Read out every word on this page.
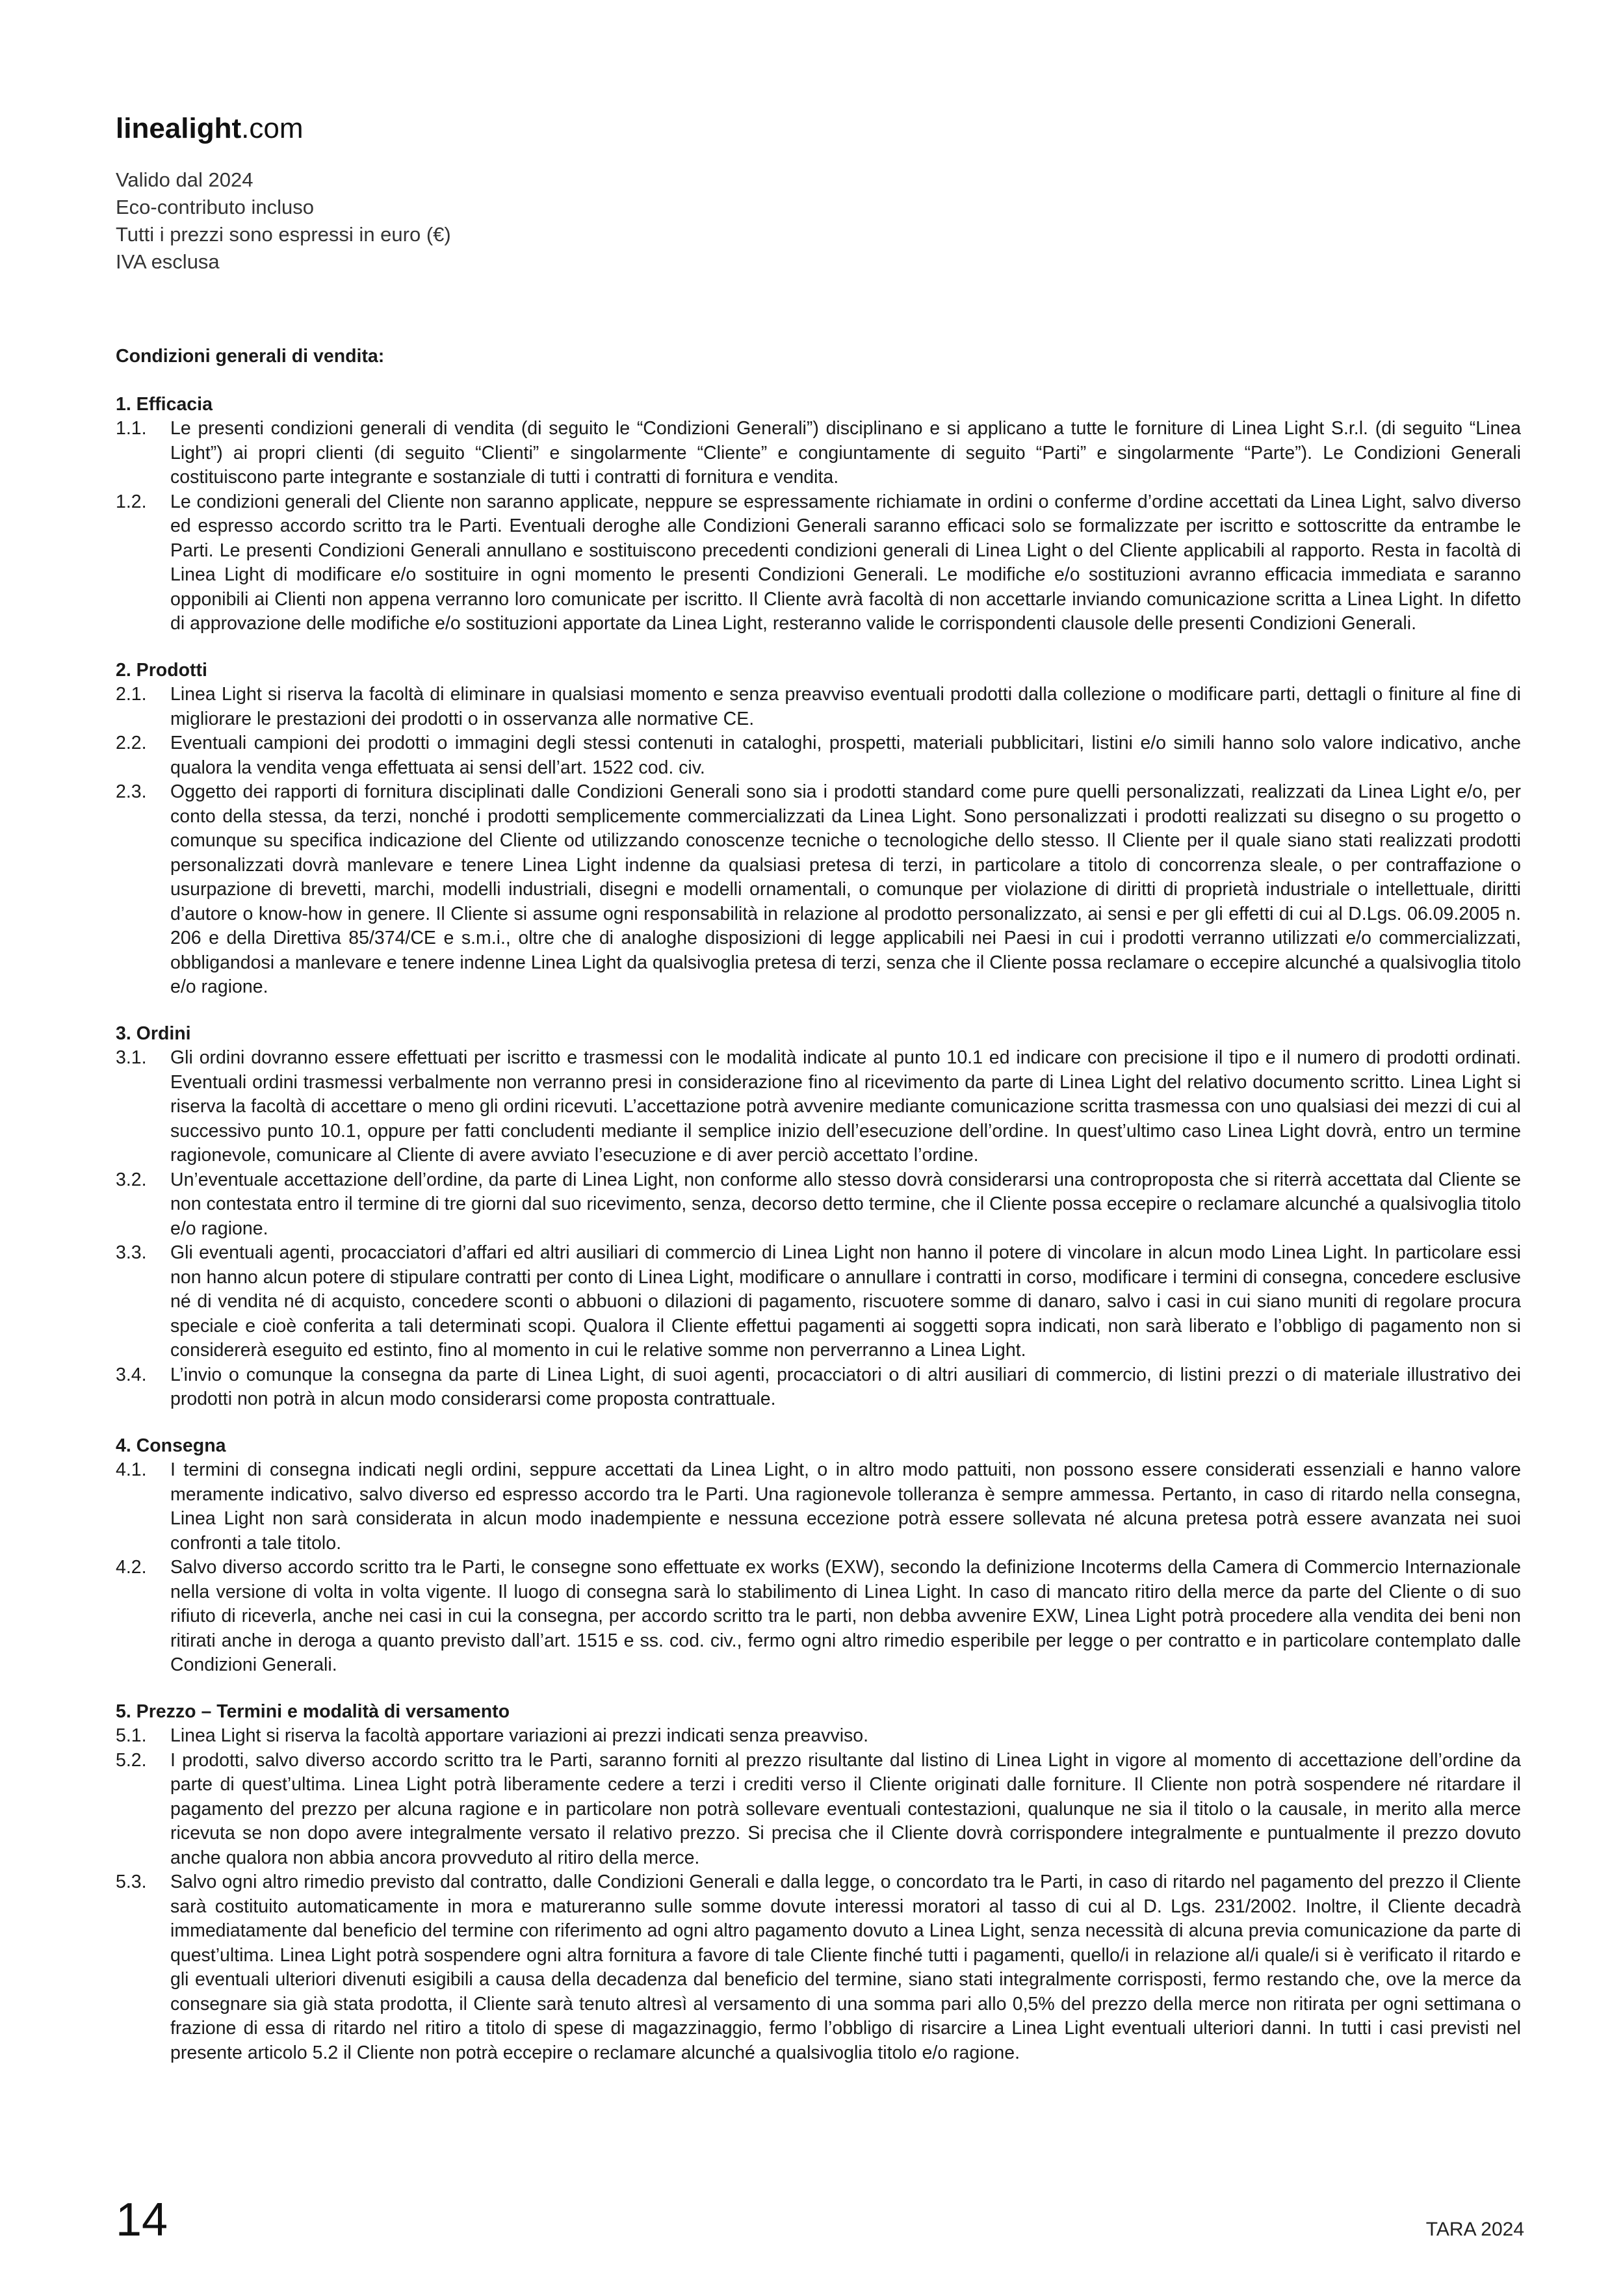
linealight.com
Valido dal 2024
Eco-contributo incluso
Tutti i prezzi sono espressi in euro (€)
IVA esclusa
Condizioni generali di vendita:
1. Efficacia
1.1.	Le presenti condizioni generali di vendita (di seguito le “Condizioni Generali”) disciplinano e si applicano a tutte le forniture di Linea Light S.r.l. (di seguito “Linea Light”) ai propri clienti (di seguito “Clienti” e singolarmente “Cliente” e congiuntamente di seguito “Parti” e singolarmente “Parte”). Le Condizioni Generali costituiscono parte integrante e sostanziale di tutti i contratti di fornitura e vendita.
1.2.	Le condizioni generali del Cliente non saranno applicate, neppure se espressamente richiamate in ordini o conferme d’ordine accettati da Linea Light, salvo diverso ed espresso accordo scritto tra le Parti. Eventuali deroghe alle Condizioni Generali saranno efficaci solo se formalizzate per iscritto e sottoscritte da entrambe le Parti. Le presenti Condizioni Generali annullano e sostituiscono precedenti condizioni generali di Linea Light o del Cliente applicabili al rapporto. Resta in facoltà di Linea Light di modificare e/o sostituire in ogni momento le presenti Condizioni Generali. Le modifiche e/o sostituzioni avranno efficacia immediata e saranno opponibili ai Clienti non appena verranno loro comunicate per iscritto. Il Cliente avrà facoltà di non accettarle inviando comunicazione scritta a Linea Light. In difetto di approvazione delle modifiche e/o sostituzioni apportate da Linea Light, resteranno valide le corrispondenti clausole delle presenti Condizioni Generali.
2. Prodotti
2.1.	Linea Light si riserva la facoltà di eliminare in qualsiasi momento e senza preavviso eventuali prodotti dalla collezione o modificare parti, dettagli o finiture al fine di migliorare le prestazioni dei prodotti o in osservanza alle normative CE.
2.2.	Eventuali campioni dei prodotti o immagini degli stessi contenuti in cataloghi, prospetti, materiali pubblicitari, listini e/o simili hanno solo valore indicativo, anche qualora la vendita venga effettuata ai sensi dell’art. 1522 cod. civ.
2.3.	Oggetto dei rapporti di fornitura disciplinati dalle Condizioni Generali sono sia i prodotti standard come pure quelli personalizzati, realizzati da Linea Light e/o, per conto della stessa, da terzi, nonché i prodotti semplicemente commercializzati da Linea Light. Sono personalizzati i prodotti realizzati su disegno o su progetto o comunque su specifica indicazione del Cliente od utilizzando conoscenze tecniche o tecnologiche dello stesso. Il Cliente per il quale siano stati realizzati prodotti personalizzati dovrà manlevare e tenere Linea Light indenne da qualsiasi pretesa di terzi, in particolare a titolo di concorrenza sleale, o per contraffazione o usurpazione di brevetti, marchi, modelli industriali, disegni e modelli ornamentali, o comunque per violazione di diritti di proprietà industriale o intellettuale, diritti d’autore o know-how in genere. Il Cliente si assume ogni responsabilità in relazione al prodotto personalizzato, ai sensi e per gli effetti di cui al D.Lgs. 06.09.2005 n. 206 e della Direttiva 85/374/CE e s.m.i., oltre che di analoghe disposizioni di legge applicabili nei Paesi in cui i prodotti verranno utilizzati e/o commercializzati, obbligandosi a manlevare e tenere indenne Linea Light da qualsivoglia pretesa di terzi, senza che il Cliente possa reclamare o eccepire alcunché a qualsivoglia titolo e/o ragione.
3. Ordini
3.1.	Gli ordini dovranno essere effettuati per iscritto e trasmessi con le modalità indicate al punto 10.1 ed indicare con precisione il tipo e il numero di prodotti ordinati. Eventuali ordini trasmessi verbalmente non verranno presi in considerazione fino al ricevimento da parte di Linea Light del relativo documento scritto. Linea Light si riserva la facoltà di accettare o meno gli ordini ricevuti. L’accettazione potrà avvenire mediante comunicazione scritta trasmessa con uno qualsiasi dei mezzi di cui al successivo punto 10.1, oppure per fatti concludenti mediante il semplice inizio dell’esecuzione dell’ordine. In quest’ultimo caso Linea Light dovrà, entro un termine ragionevole, comunicare al Cliente di avere avviato l’esecuzione e di aver perciò accettato l’ordine.
3.2.	Un’eventuale accettazione dell’ordine, da parte di Linea Light, non conforme allo stesso dovrà considerarsi una controproposta che si riterrà accettata dal Cliente se non contestata entro il termine di tre giorni dal suo ricevimento, senza, decorso detto termine, che il Cliente possa eccepire o reclamare alcunché a qualsivoglia titolo e/o ragione.
3.3.	Gli eventuali agenti, procacciatori d’affari ed altri ausiliari di commercio di Linea Light non hanno il potere di vincolare in alcun modo Linea Light. In particolare essi non hanno alcun potere di stipulare contratti per conto di Linea Light, modificare o annullare i contratti in corso, modificare i termini di consegna, concedere esclusive né di vendita né di acquisto, concedere sconti o abbuoni o dilazioni di pagamento, riscuotere somme di danaro, salvo i casi in cui siano muniti di regolare procura speciale e cioè conferita a tali determinati scopi. Qualora il Cliente effettui pagamenti ai soggetti sopra indicati, non sarà liberato e l’obbligo di pagamento non si considererà eseguito ed estinto, fino al momento in cui le relative somme non perverranno a Linea Light.
3.4.	L’invio o comunque la consegna da parte di Linea Light, di suoi agenti, procacciatori o di altri ausiliari di commercio, di listini prezzi o di materiale illustrativo dei prodotti non potrà in alcun modo considerarsi come proposta contrattuale.
4. Consegna
4.1.	I termini di consegna indicati negli ordini, seppure accettati da Linea Light, o in altro modo pattuiti, non possono essere considerati essenziali e hanno valore meramente indicativo, salvo diverso ed espresso accordo tra le Parti. Una ragionevole tolleranza è sempre ammessa. Pertanto, in caso di ritardo nella consegna, Linea Light non sarà considerata in alcun modo inadempiente e nessuna eccezione potrà essere sollevata né alcuna pretesa potrà essere avanzata nei suoi confronti a tale titolo.
4.2.	Salvo diverso accordo scritto tra le Parti, le consegne sono effettuate ex works (EXW), secondo la definizione Incoterms della Camera di Commercio Internazionale nella versione di volta in volta vigente. Il luogo di consegna sarà lo stabilimento di Linea Light. In caso di mancato ritiro della merce da parte del Cliente o di suo rifiuto di riceverla, anche nei casi in cui la consegna, per accordo scritto tra le parti, non debba avvenire EXW, Linea Light potrà procedere alla vendita dei beni non ritirati anche in deroga a quanto previsto dall’art. 1515 e ss. cod. civ., fermo ogni altro rimedio esperibile per legge o per contratto e in particolare contemplato dalle Condizioni Generali.
5. Prezzo – Termini e modalità di versamento
5.1.	Linea Light si riserva la facoltà apportare variazioni ai prezzi indicati senza preavviso.
5.2.	I prodotti, salvo diverso accordo scritto tra le Parti, saranno forniti al prezzo risultante dal listino di Linea Light in vigore al momento di accettazione dell’ordine da parte di quest’ultima. Linea Light potrà liberamente cedere a terzi i crediti verso il Cliente originati dalle forniture. Il Cliente non potrà sospendere né ritardare il pagamento del prezzo per alcuna ragione e in particolare non potrà sollevare eventuali contestazioni, qualunque ne sia il titolo o la causale, in merito alla merce ricevuta se non dopo avere integralmente versato il relativo prezzo. Si precisa che il Cliente dovrà corrispondere integralmente e puntualmente il prezzo dovuto anche qualora non abbia ancora provveduto al ritiro della merce.
5.3.	Salvo ogni altro rimedio previsto dal contratto, dalle Condizioni Generali e dalla legge, o concordato tra le Parti, in caso di ritardo nel pagamento del prezzo il Cliente sarà costituito automaticamente in mora e matureranno sulle somme dovute interessi moratori al tasso di cui al D. Lgs. 231/2002. Inoltre, il Cliente decadrà immediatamente dal beneficio del termine con riferimento ad ogni altro pagamento dovuto a Linea Light, senza necessità di alcuna previa comunicazione da parte di quest’ultima. Linea Light potrà sospendere ogni altra fornitura a favore di tale Cliente finché tutti i pagamenti, quello/i in relazione al/i quale/i si è verificato il ritardo e gli eventuali ulteriori divenuti esigibili a causa della decadenza dal beneficio del termine, siano stati integralmente corrisposti, fermo restando che, ove la merce da consegnare sia già stata prodotta, il Cliente sarà tenuto altresì al versamento di una somma pari allo 0,5% del prezzo della merce non ritirata per ogni settimana o frazione di essa di ritardo nel ritiro a titolo di spese di magazzinaggio, fermo l’obbligo di risarcire a Linea Light eventuali ulteriori danni. In tutti i casi previsti nel presente articolo 5.2 il Cliente non potrà eccepire o reclamare alcunché a qualsivoglia titolo e/o ragione.
14	TARA 2024
